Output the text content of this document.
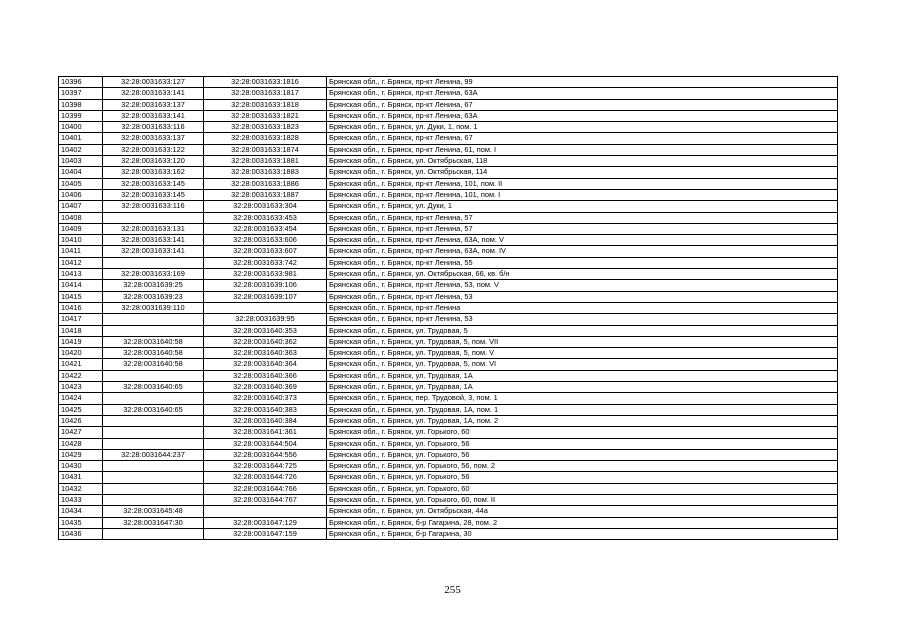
10396	32:28:0031633:127	32:28:0031633:1816	Брянская обл., г. Брянск, пр-кт Ленина, 99
10397	32:28:0031633:141	32:28:0031633:1817	Брянская обл., г. Брянск, пр-кт Ленина, 63А
10398	32:28:0031633:137	32:28:0031633:1818	Брянская обл., г. Брянск, пр-кт Ленина, 67
10399	32:28:0031633:141	32:28:0031633:1821	Брянская обл., г. Брянск, пр-кт Ленина, 63А
10400	32:28:0031633:116	32:28:0031633:1823	Брянская обл., г. Брянск, ул. Дуки, 1, пом. 1
10401	32:28:0031633:137	32:28:0031633:1828	Брянская обл., г. Брянск, пр-кт Ленина, 67
10402	32:28:0031633:122	32:28:0031633:1874	Брянская обл., г. Брянск, пр-кт Ленина, 61, пом. I
10403	32:28:0031633:120	32:28:0031633:1881	Брянская обл., г. Брянск, ул. Октябрьская, 118
10404	32:28:0031633:162	32:28:0031633:1883	Брянская обл., г. Брянск, ул. Октябрьская, 114
10405	32:28:0031633:145	32:28:0031633:1886	Брянская обл., г. Брянск, пр-кт Ленина, 101, пом. II
10406	32:28:0031633:145	32:28:0031633:1887	Брянская обл., г. Брянск, пр-кт Ленина, 101, пом. I
10407	32:28:0031633:116	32:28:0031633:304	Брянская обл., г. Брянск, ул. Дуки, 1
10408		32:28:0031633:453	Брянская обл., г. Брянск, пр-кт Ленина, 57
10409	32:28:0031633:131	32:28:0031633:454	Брянская обл., г. Брянск, пр-кт Ленина, 57
10410	32:28:0031633:141	32:28:0031633:606	Брянская обл., г. Брянск, пр-кт Ленина, 63А, пом. V
10411	32:28:0031633:141	32:28:0031633:607	Брянская обл., г. Брянск, пр-кт Ленина, 63А, пом. IV
10412		32:28:0031633:742	Брянская обл., г. Брянск, пр-кт Ленина, 55
10413	32:28:0031633:169	32:28:0031633:981	Брянская обл., г. Брянск, ул. Октябрьская, 66, кв. б/н
10414	32:28:0031639:25	32:28:0031639:106	Брянская обл., г. Брянск, пр-кт Ленина, 53, пом. V
10415	32:28:0031639:23	32:28:0031639:107	Брянская обл., г. Брянск, пр-кт Ленина, 53
10416	32:28:0031639:110		Брянская обл., г. Брянск, пр-кт Ленина
10417		32:28:0031639:95	Брянская обл., г. Брянск, пр-кт Ленина, 53
10418		32:28:0031640:353	Брянская обл., г. Брянск, ул. Трудовая, 5
10419	32:28:0031640:58	32:28:0031640:362	Брянская обл., г. Брянск, ул. Трудовая, 5, пом. VII
10420	32:28:0031640:58	32:28:0031640:363	Брянская обл., г. Брянск, ул. Трудовая, 5, пом. V
10421	32:28:0031640:58	32:28:0031640:364	Брянская обл., г. Брянск, ул. Трудовая, 5, пом. VI
10422		32:28:0031640:366	Брянская обл., г. Брянск, ул. Трудовая, 1А
10423	32:28:0031640:65	32:28:0031640:369	Брянская обл., г. Брянск, ул. Трудовая, 1А
10424		32:28:0031640:373	Брянская обл., г. Брянск, пер. Трудовой, 3, пом. 1
10425	32:28:0031640:65	32:28:0031640:383	Брянская обл., г. Брянск, ул. Трудовая, 1А, пом. 1
10426		32:28:0031640:384	Брянская обл., г. Брянск, ул. Трудовая, 1А, пом. 2
10427		32:28:0031641:361	Брянская обл., г. Брянск, ул. Горького, 60
10428		32:28:0031644:504	Брянская обл., г. Брянск, ул. Горького, 56
10429	32:28:0031644:237	32:28:0031644:556	Брянская обл., г. Брянск, ул. Горького, 56
10430		32:28:0031644:725	Брянская обл., г. Брянск, ул. Горького, 56, пом. 2
10431		32:28:0031644:726	Брянская обл., г. Брянск, ул. Горького, 56
10432		32:28:0031644:766	Брянская обл., г. Брянск, ул. Горького, 60
10433		32:28:0031644:767	Брянская обл., г. Брянск, ул. Горького, 60, пом. II
10434	32:28:0031645:48		Брянская обл., г. Брянск, ул. Октябрьская, 44а
10435	32:28:0031647:30	32:28:0031647:129	Брянская обл., г. Брянск, б-р Гагарина, 28, пом. 2
10436		32:28:0031647:159	Брянская обл., г. Брянск, б-р Гагарина, 30
255
